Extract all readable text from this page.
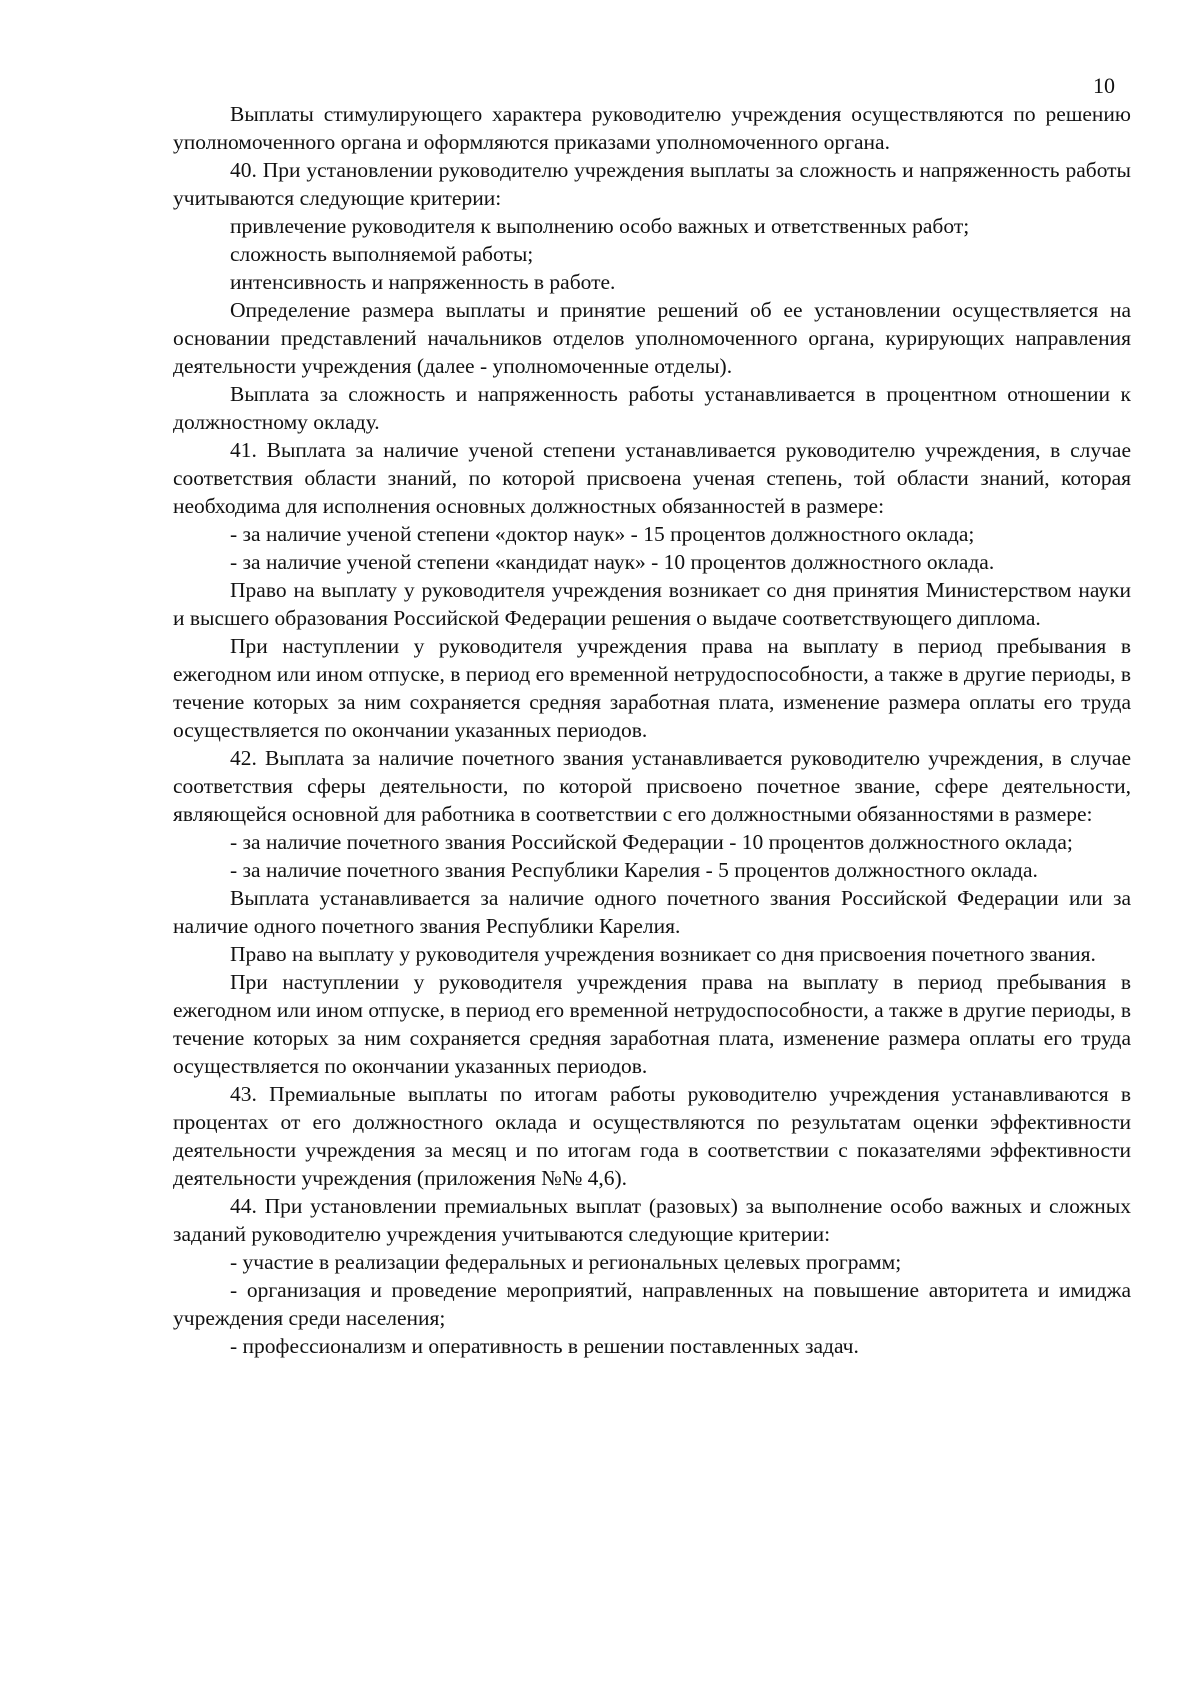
10

Выплаты стимулирующего характера руководителю учреждения осуществляются по решению уполномоченного органа и оформляются приказами уполномоченного органа.

40. При установлении руководителю учреждения выплаты за сложность и напряженность работы учитываются следующие критерии:

привлечение руководителя к выполнению особо важных и ответственных работ;

сложность выполняемой работы;

интенсивность и напряженность в работе.

Определение размера выплаты и принятие решений об ее установлении осуществляется на основании представлений начальников отделов уполномоченного органа, курирующих направления деятельности учреждения (далее - уполномоченные отделы).

Выплата за сложность и напряженность работы устанавливается в процентном отношении к должностному окладу.

41. Выплата за наличие ученой степени устанавливается руководителю учреждения, в случае соответствия области знаний, по которой присвоена ученая степень, той области знаний, которая необходима для исполнения основных должностных обязанностей в размере:

- за наличие ученой степени «доктор наук» - 15 процентов должностного оклада;

- за наличие ученой степени «кандидат наук» - 10 процентов должностного оклада.

Право на выплату у руководителя учреждения возникает со дня принятия Министерством науки и высшего образования Российской Федерации решения о выдаче соответствующего диплома.

При наступлении у руководителя учреждения права на выплату в период пребывания в ежегодном или ином отпуске, в период его временной нетрудоспособности, а также в другие периоды, в течение которых за ним сохраняется средняя заработная плата, изменение размера оплаты его труда осуществляется по окончании указанных периодов.

42. Выплата за наличие почетного звания устанавливается руководителю учреждения, в случае соответствия сферы деятельности, по которой присвоено почетное звание, сфере деятельности, являющейся основной для работника в соответствии с его должностными обязанностями в размере:

- за наличие почетного звания Российской Федерации - 10 процентов должностного оклада;

- за наличие почетного звания Республики Карелия - 5 процентов должностного оклада.

Выплата устанавливается за наличие одного почетного звания Российской Федерации или за наличие одного почетного звания Республики Карелия.

Право на выплату у руководителя учреждения возникает со дня присвоения почетного звания.

При наступлении у руководителя учреждения права на выплату в период пребывания в ежегодном или ином отпуске, в период его временной нетрудоспособности, а также в другие периоды, в течение которых за ним сохраняется средняя заработная плата, изменение размера оплаты его труда осуществляется по окончании указанных периодов.

43. Премиальные выплаты по итогам работы руководителю учреждения устанавливаются в процентах от его должностного оклада и осуществляются по результатам оценки эффективности деятельности учреждения за месяц и по итогам года в соответствии с показателями эффективности деятельности учреждения (приложения №№ 4,6).

44. При установлении премиальных выплат (разовых) за выполнение особо важных и сложных заданий руководителю учреждения учитываются следующие критерии:

- участие в реализации федеральных и региональных целевых программ;

- организация и проведение мероприятий, направленных на повышение авторитета и имиджа учреждения среди населения;

- профессионализм и оперативность в решении поставленных задач.
